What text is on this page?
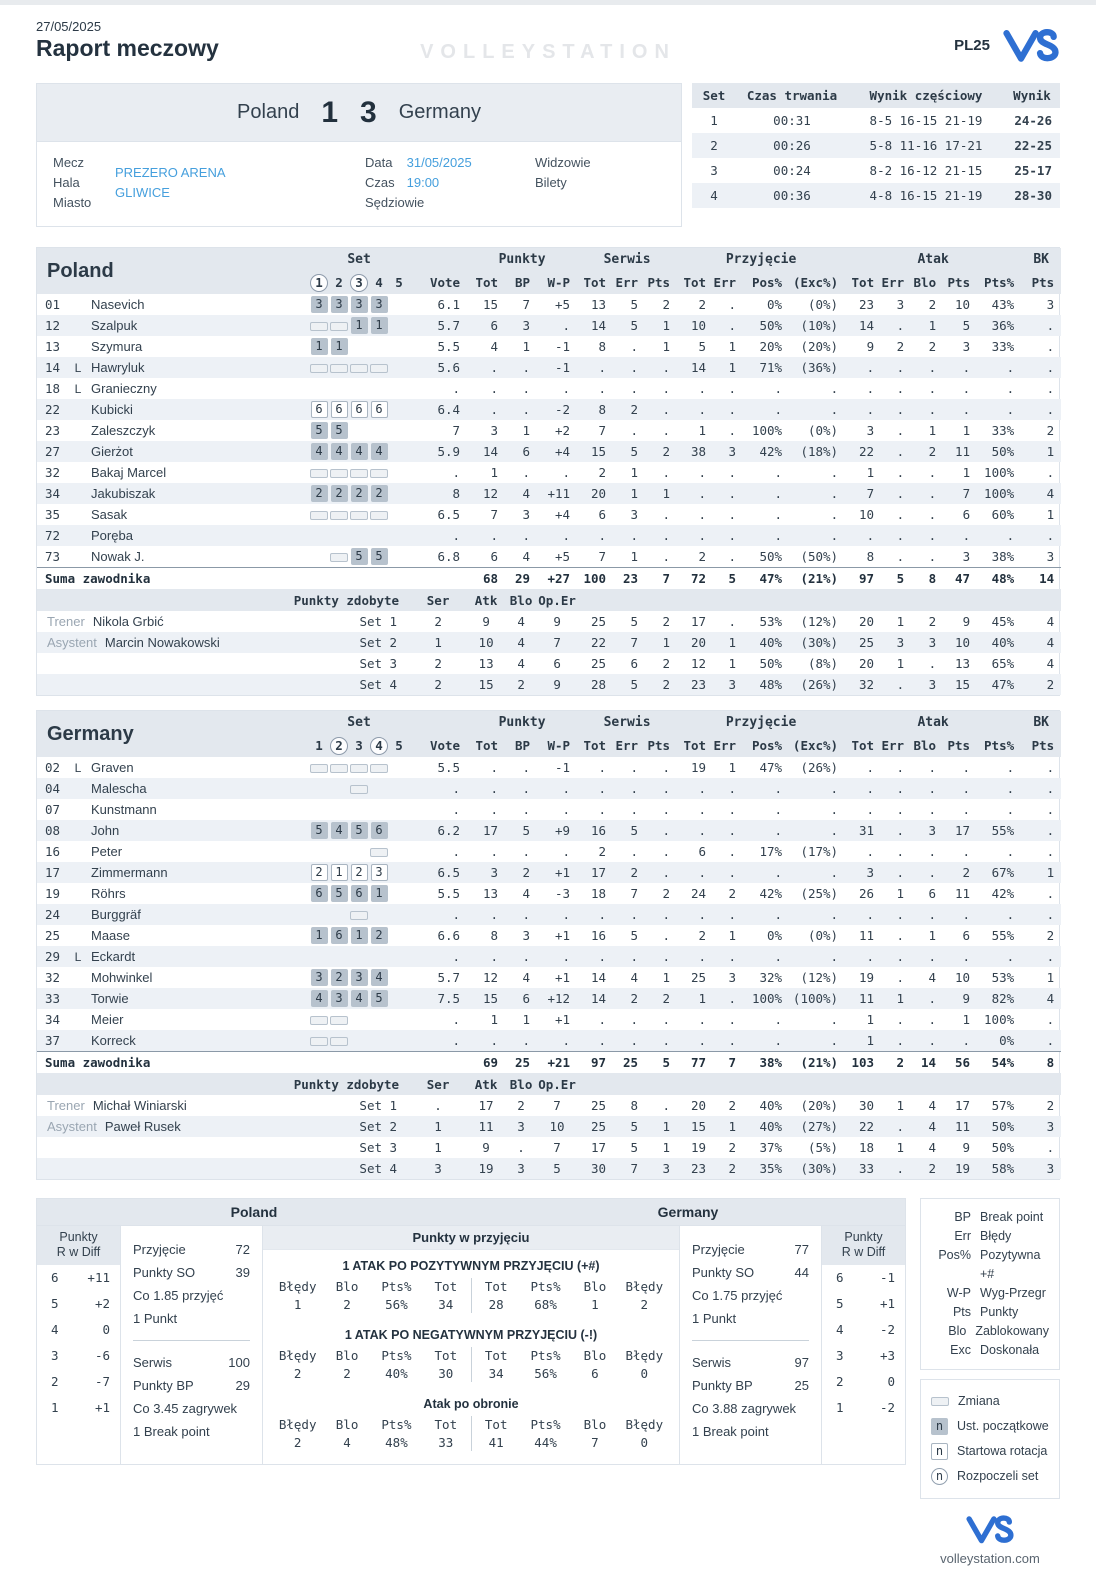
27/05/2025
Raport meczowy	VOLLEYSTATION	PL25
Poland 1 3 Germany
Mecz
Hala
Miasto
PREZERO ARENA
GLIWICE
Data 31/05/2025
Czas 19:00
Sędziowie
Widzowie
Bilety
Set	Czas trwania	Wynik częściowy	Wynik
1	00:31	8-5 16-15 21-19	24-26
2	00:26	5-8 11-16 17-21	22-25
3	00:24	8-2 16-12 21-15	25-17
4	00:36	4-8 16-15 21-19	28-30
Poland			Set						Punkty			Serwis			Przyjęcie				Atak					BK
			1	2	3	4	5	Vote	Tot	BP	W-P	Tot	Err	Pts	Tot	Err	Pos%	(Exc%)	Tot	Err	Blo	Pts	Pts%	Pts
01		Nasevich	3	3	3	3		6.1	15	7	+5	13	5	2	2	.	0%	(0%)	23	3	2	10	43%	3
12		Szalpuk			1	1		5.7	6	3	.	14	5	1	10	.	50%	(10%)	14	.	1	5	36%	.
13		Szymura	1	1				5.5	4	1	-1	8	.	1	5	1	20%	(20%)	9	2	2	3	33%	.
14	L	Hawryluk						5.6	.	.	-1	.	.	.	14	1	71%	(36%)	.	.	.	.	.	.
18	L	Granieczny						.	.	.	.	.	.	.	.	.	.	.	.	.	.	.	.	.
22		Kubicki	6	6	6	6		6.4	.	.	-2	8	2	.	.	.	.	.	.	.	.	.	.	.
23		Zaleszczyk	5	5				7	3	1	+2	7	.	.	1	.	100%	(0%)	3	.	1	1	33%	2
27		Gierżot	4	4	4	4		5.9	14	6	+4	15	5	2	38	3	42%	(18%)	22	.	2	11	50%	1
32		Bakaj Marcel						.	1	.	.	2	1	.	.	.	.	.	1	.	.	1	100%	.
34		Jakubiszak	2	2	2	2		8	12	4	+11	20	1	1	.	.	.	.	7	.	.	7	100%	4
35		Sasak						6.5	7	3	+4	6	3	.	.	.	.	.	10	.	.	6	60%	1
72		Poręba						.	.	.	.	.	.	.	.	.	.	.	.	.	.	.	.	.
73		Nowak J.			5	5		6.8	6	4	+5	7	1	.	2	.	50%	(50%)	8	.	.	3	38%	3
Suma zawodnika									68	29	+27	100	23	7	72	5	47%	(21%)	97	5	8	47	48%	14
Punkty zdobyte								Ser	Atk	Blo	Op.Er													
			Set 1					2	9	4	9	25	5	2	17	.	53%	(12%)	20	1	2	9	45%	4
			Set 2					1	10	4	7	22	7	1	20	1	40%	(30%)	25	3	3	10	40%	4
			Set 3					2	13	4	6	25	6	2	12	1	50%	(8%)	20	1	.	13	65%	4
			Set 4					2	15	2	9	28	5	2	23	3	48%	(26%)	32	.	3	15	47%	2
Trener Nikola Grbić
Asystent Marcin Nowakowski
Germany			Set						Punkty			Serwis			Przyjęcie				Atak					BK
			1	2	3	4	5	Vote	Tot	BP	W-P	Tot	Err	Pts	Tot	Err	Pos%	(Exc%)	Tot	Err	Blo	Pts	Pts%	Pts
02	L	Graven						5.5	.	.	-1	.	.	.	19	1	47%	(26%)	.	.	.	.	.	.
04		Malescha						.	.	.	.	.	.	.	.	.	.	.	.	.	.	.	.	.
07		Kunstmann						.	.	.	.	.	.	.	.	.	.	.	.	.	.	.	.	.
08		John	5	4	5	6		6.2	17	5	+9	16	5	.	.	.	.	.	31	.	3	17	55%	.
16		Peter						.	.	.	.	2	.	.	6	.	17%	(17%)	.	.	.	.	.	.
17		Zimmermann	2	1	2	3		6.5	3	2	+1	17	2	.	.	.	.	.	3	.	.	2	67%	1
19		Röhrs	6	5	6	1		5.5	13	4	-3	18	7	2	24	2	42%	(25%)	26	1	6	11	42%	.
24		Burggräf						.	.	.	.	.	.	.	.	.	.	.	.	.	.	.	.	.
25		Maase	1	6	1	2		6.6	8	3	+1	16	5	.	2	1	0%	(0%)	11	.	1	6	55%	2
29	L	Eckardt						.	.	.	.	.	.	.	.	.	.	.	.	.	.	.	.	.
32		Mohwinkel	3	2	3	4		5.7	12	4	+1	14	4	1	25	3	32%	(12%)	19	.	4	10	53%	1
33		Torwie	4	3	4	5		7.5	15	6	+12	14	2	2	1	.	100%	(100%)	11	1	.	9	82%	4
34		Meier						.	1	1	+1	.	.	.	.	.	.	.	1	.	.	1	100%	.
37		Korreck						.	.	.	.	.	.	.	.	.	.	.	1	.	.	.	0%	.
Suma zawodnika									69	25	+21	97	25	5	77	7	38%	(21%)	103	2	14	56	54%	8
Punkty zdobyte								Ser	Atk	Blo	Op.Er													
			Set 1					.	17	2	7	25	8	.	20	2	40%	(20%)	30	1	4	17	57%	2
			Set 2					1	11	3	10	25	5	1	15	1	40%	(27%)	22	.	4	11	50%	3
			Set 3					1	9	.	7	17	5	1	19	2	37%	(5%)	18	1	4	9	50%	.
			Set 4					3	19	3	5	30	7	3	23	2	35%	(30%)	33	.	2	19	58%	3
Trener Michał Winiarski
Asystent Paweł Rusek
Poland	Germany
Punkty
R w Diff
6 +11
5	+2
4	0
3	-6
2	-7
1	+1
Przyjęcie	72
Punkty SO	39
Co 1.85 przyjęć
1 Punkt
Serwis	100
Punkty BP	29
Co 3.45 zagrywek
1 Break point
Punkty w przyjęciu
1 ATAK PO POZYTYWNYM PRZYJĘCIU (+#)
Błędy
1
Blo
2
Pts%
56%
Tot
34
Tot
28
Pts%
68%
Blo
1
Błędy
2
1 ATAK PO NEGATYWNYM PRZYJĘCIU (-!)
Błędy
2
Blo
2
Pts%
40%
Tot
30
Tot
34
Pts%
56%
Blo
6
Błędy
0
Atak po obronie
Błędy
2
Blo
4
Pts%
48%
Tot
33
Tot
41
Pts%
44%
Blo
7
Błędy
0
Przyjęcie	77
Punkty SO	44
Co 1.75 przyjęć
1 Punkt
Serwis	97
Punkty BP	25
Co 3.88 zagrywek
1 Break point
Punkty
R w Diff
6	-1
5	+1
4	-2
3	+3
2	0
1	-2
BP Break point
Err Błędy
Pos% Pozytywna +#
W-P Wyg-Przegr
Pts Punkty
Blo Zablokowany
Exc Doskonała
Zmiana
n	Ust. początkowe
n	Startowa rotacja
n	Rozpoczeli set
volleystation.com
